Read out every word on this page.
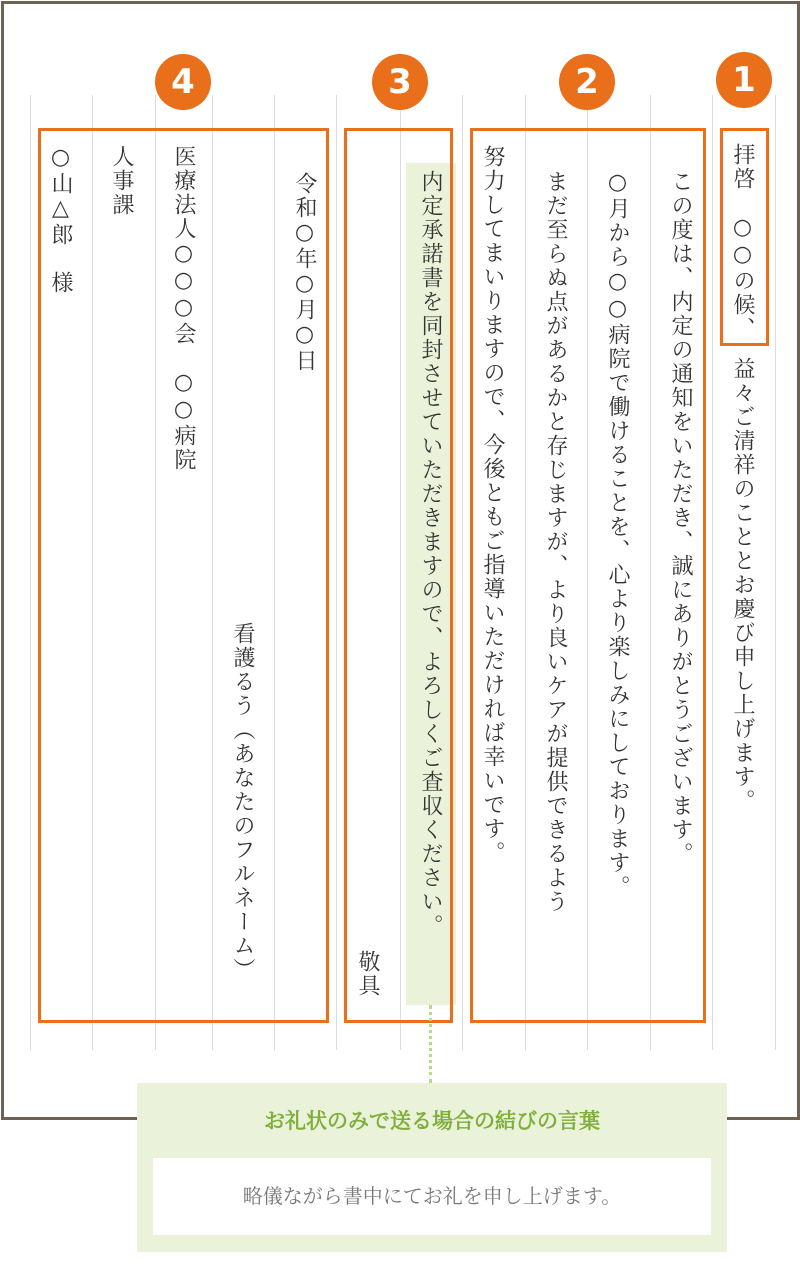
1
2
3
4
拝啓　○○の候、
益々ご清祥のこととお慶び申し上げます。
この度は、内定の通知をいただき、誠にありがとうございます。
○月から○○病院で働けることを、心より楽しみにしております。
まだ至らぬ点があるかと存じますが、より良いケアが提供できるよう
努力してまいりますので、今後ともご指導いただければ幸いです。
内定承諾書を同封させていただきますので、よろしくご査収ください。
敬具
令和○年○月○日
看護るう（あなたのフルネーム）
医療法人○○○会　○○病院
人事課
○山△郎　様
お礼状のみで送る場合の結びの言葉
略儀ながら書中にてお礼を申し上げます。
